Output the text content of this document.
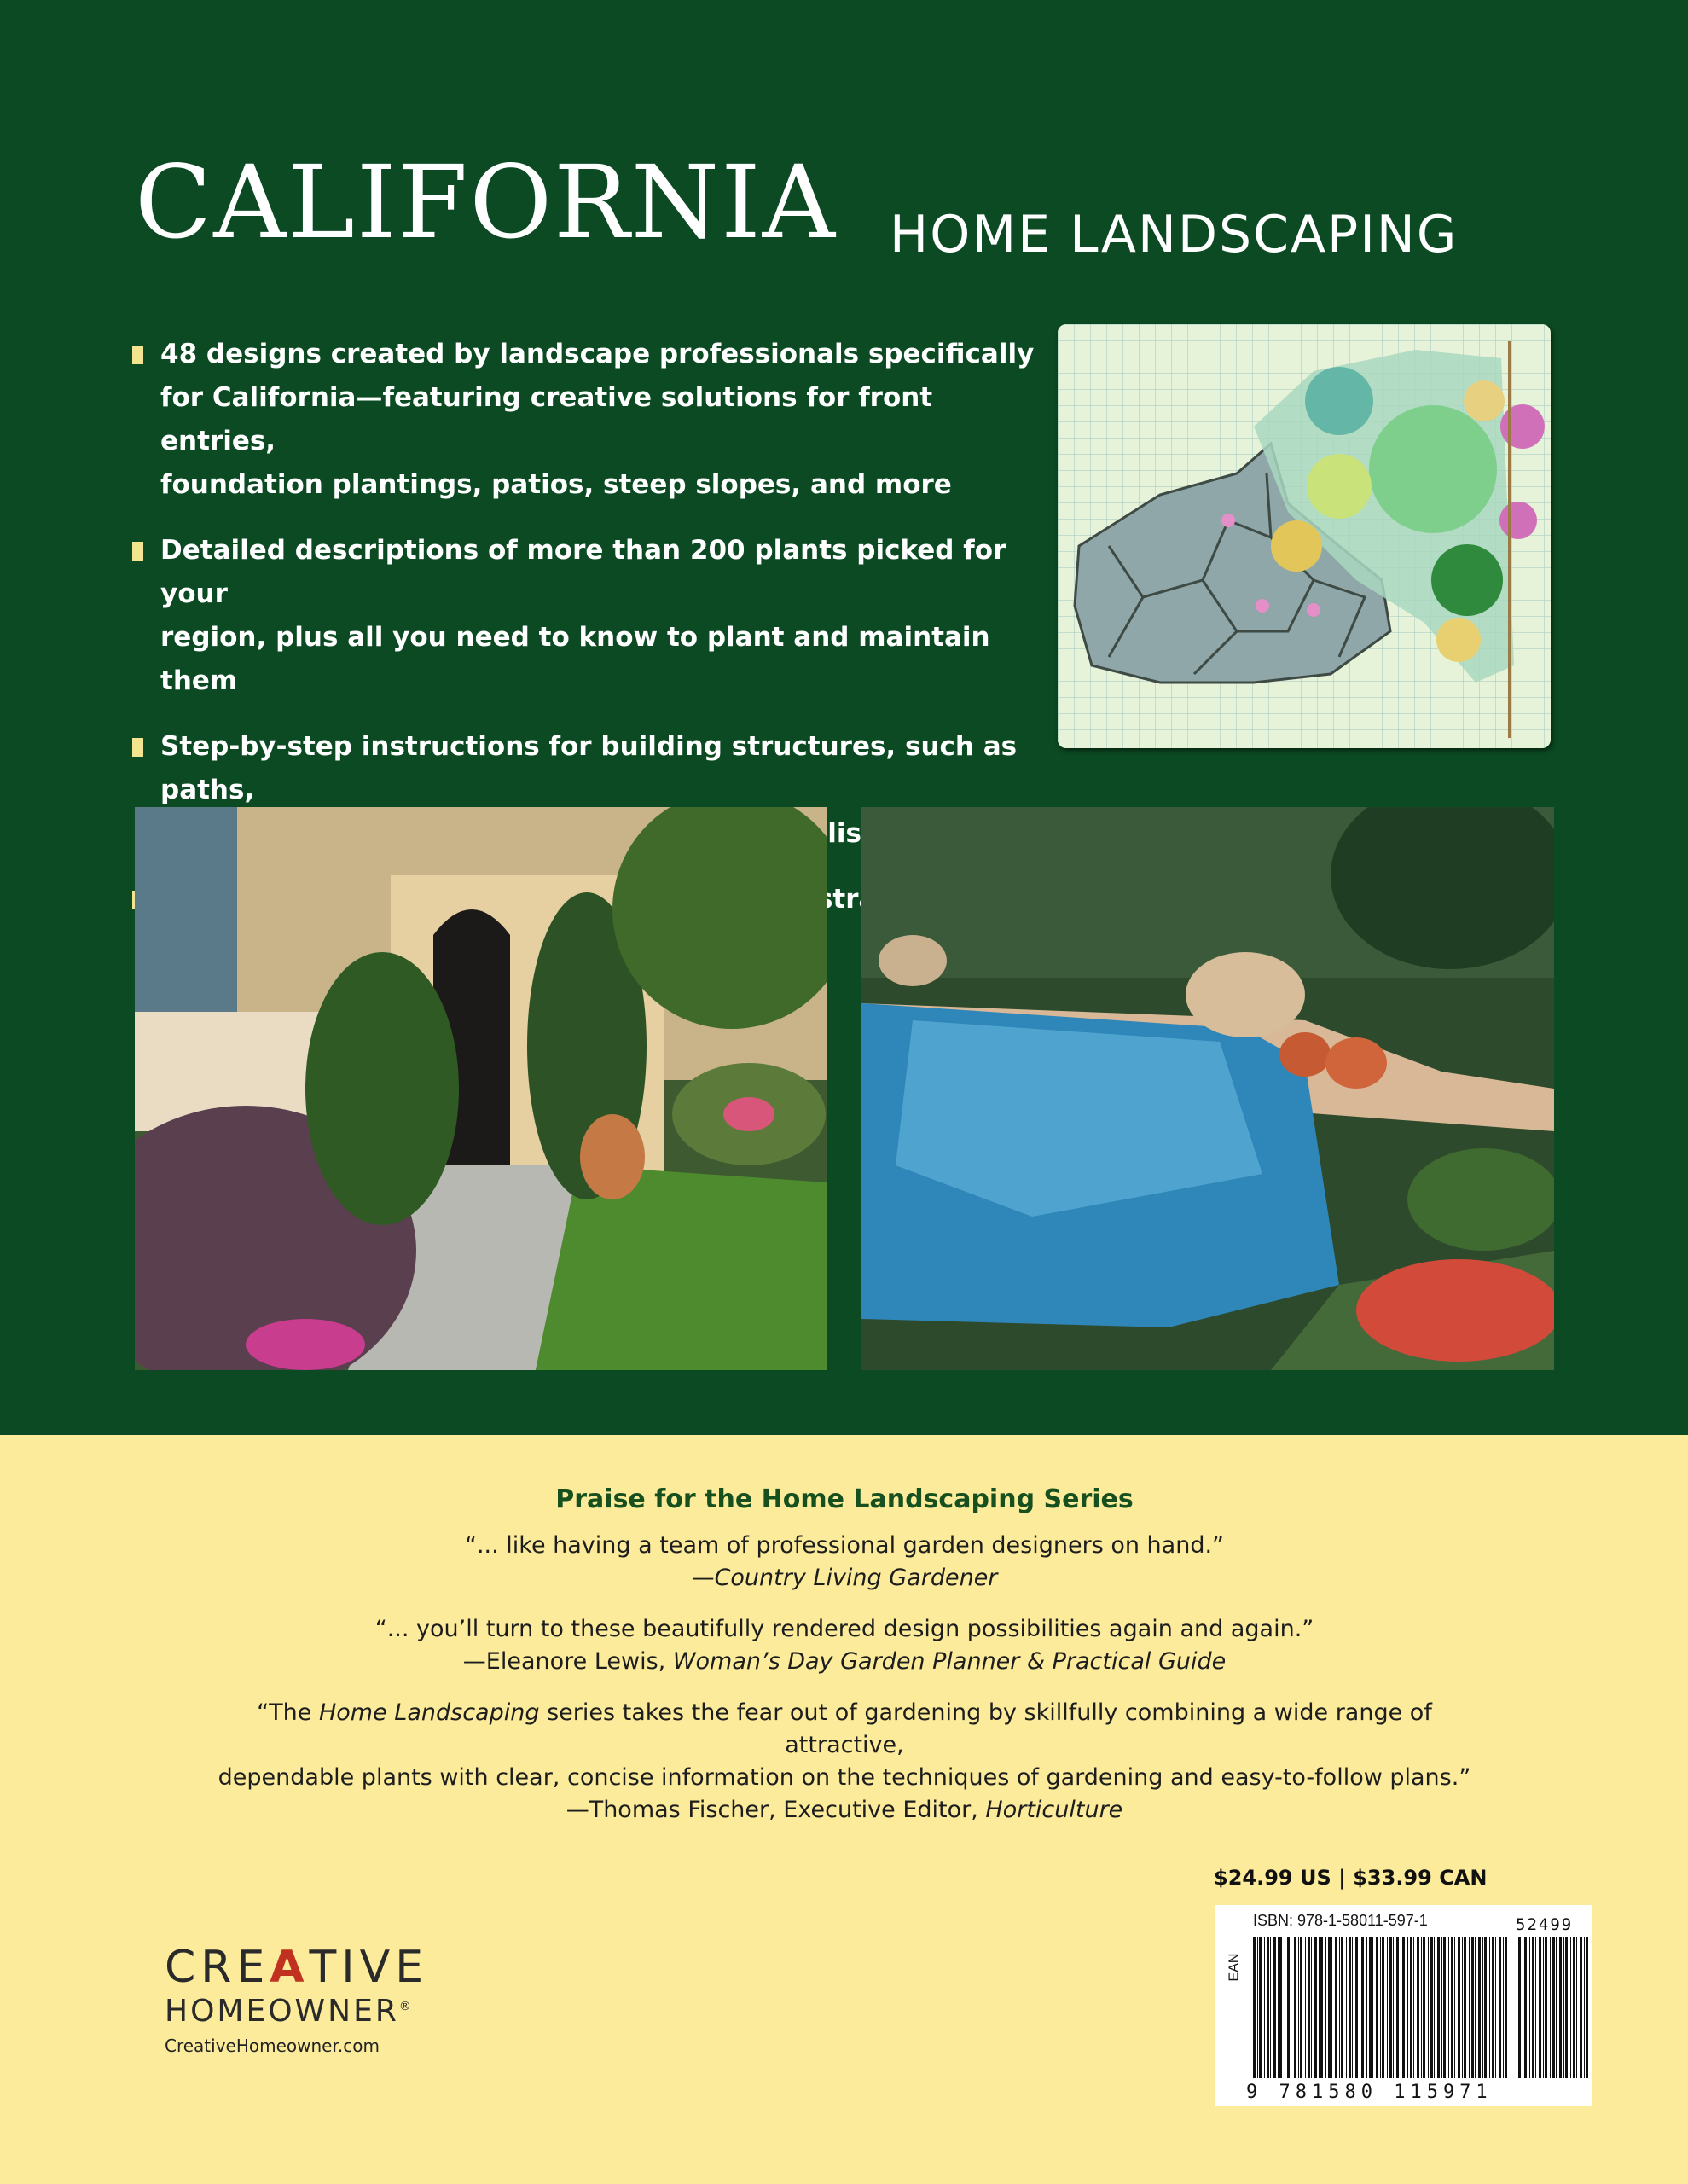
CALIFORNIA HOME LANDSCAPING
48 designs created by landscape professionals specifically
for California—featuring creative solutions for front entries,
foundation plantings, patios, steep slopes, and more
Detailed descriptions of more than 200 plants picked for your
region, plus all you need to know to plant and maintain them
Step-by-step instructions for building structures, such as paths,
trellises
illustrations
Praise for the Home Landscaping Series
“... like having a team of professional garden designers on hand.”
—Country Living Gardener
“... you’ll turn to these beautifully rendered design possibilities again and again.”
—Eleanore Lewis, Woman’s Day Garden Planner & Practical Guide
“The Home Landscaping series takes the fear out of gardening by skillfully combining a wide range of attractive,
dependable plants with clear, concise information on the techniques of gardening and easy-to-follow plans.”
—Thomas Fischer, Executive Editor, Horticulture
$24.99 US | $33.99 CAN
ISBN: 978-1-58011-597-1
EAN
52499
9 781580 115971
CREATIVE
HOMEOWNER®
CreativeHomeowner.com
